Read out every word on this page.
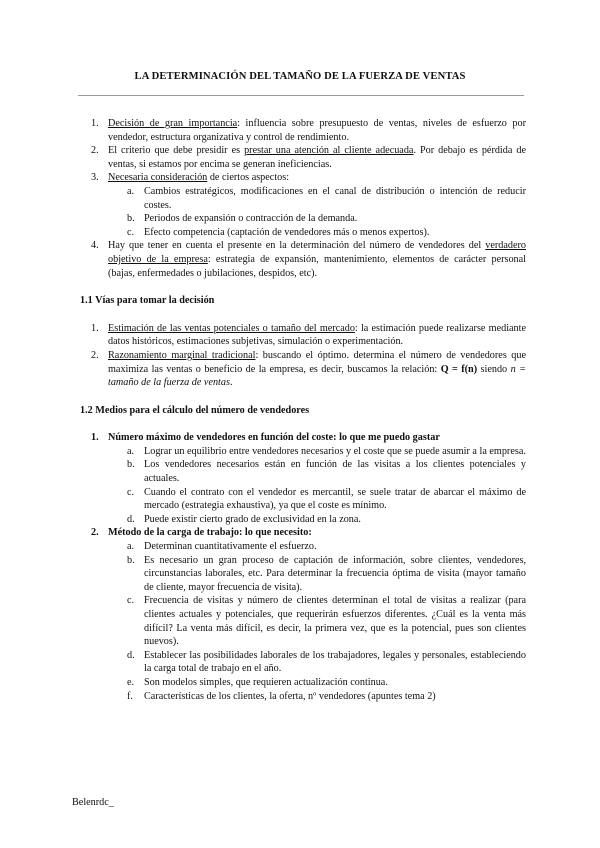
LA DETERMINACIÓN DEL TAMAÑO DE LA FUERZA DE VENTAS
1. Decisión de gran importancia: influencia sobre presupuesto de ventas, niveles de esfuerzo por vendedor, estructura organizativa y control de rendimiento.
2. El criterio que debe presidir es prestar una atención al cliente adecuada. Por debajo es pérdida de ventas, si estamos por encima se generan ineficiencias.
3. Necesaria consideración de ciertos aspectos:
a. Cambios estratégicos, modificaciones en el canal de distribución o intención de reducir costes.
b. Periodos de expansión o contracción de la demanda.
c. Efecto competencia (captación de vendedores más o menos expertos).
4. Hay que tener en cuenta el presente en la determinación del número de vendedores del verdadero objetivo de la empresa: estrategia de expansión, mantenimiento, elementos de carácter personal (bajas, enfermedades o jubilaciones, despidos, etc).
1.1 Vías para tomar la decisión
1. Estimación de las ventas potenciales o tamaño del mercado: la estimación puede realizarse mediante datos históricos, estimaciones subjetivas, simulación o experimentación.
2. Razonamiento marginal tradicional: buscando el óptimo. determina el número de vendedores que maximiza las ventas o beneficio de la empresa, es decir, buscamos la relación: Q = f(n) siendo n = tamaño de la fuerza de ventas.
1.2 Medios para el cálculo del número de vendedores
1. Número máximo de vendedores en función del coste: lo que me puedo gastar
a. Lograr un equilibrio entre vendedores necesarios y el coste que se puede asumir a la empresa.
b. Los vendedores necesarios están en función de las visitas a los clientes potenciales y actuales.
c. Cuando el contrato con el vendedor es mercantil, se suele tratar de abarcar el máximo de mercado (estrategia exhaustiva), ya que el coste es mínimo.
d. Puede existir cierto grado de exclusividad en la zona.
2. Método de la carga de trabajo: lo que necesito:
a. Determinan cuantitativamente el esfuerzo.
b. Es necesario un gran proceso de captación de información, sobre clientes, vendedores, circunstancias laborales, etc. Para determinar la frecuencia óptima de visita (mayor tamaño de cliente, mayor frecuencia de visita).
c. Frecuencia de visitas y número de clientes determinan el total de visitas a realizar (para clientes actuales y potenciales, que requerirán esfuerzos diferentes. ¿Cuál es la venta más difícil? La venta más difícil, es decir, la primera vez, que es la potencial, pues son clientes nuevos).
d. Establecer las posibilidades laborales de los trabajadores, legales y personales, estableciendo la carga total de trabajo en el año.
e. Son modelos simples, que requieren actualización continua.
f. Características de los clientes, la oferta, nº vendedores (apuntes tema 2)
Belenrdc_
